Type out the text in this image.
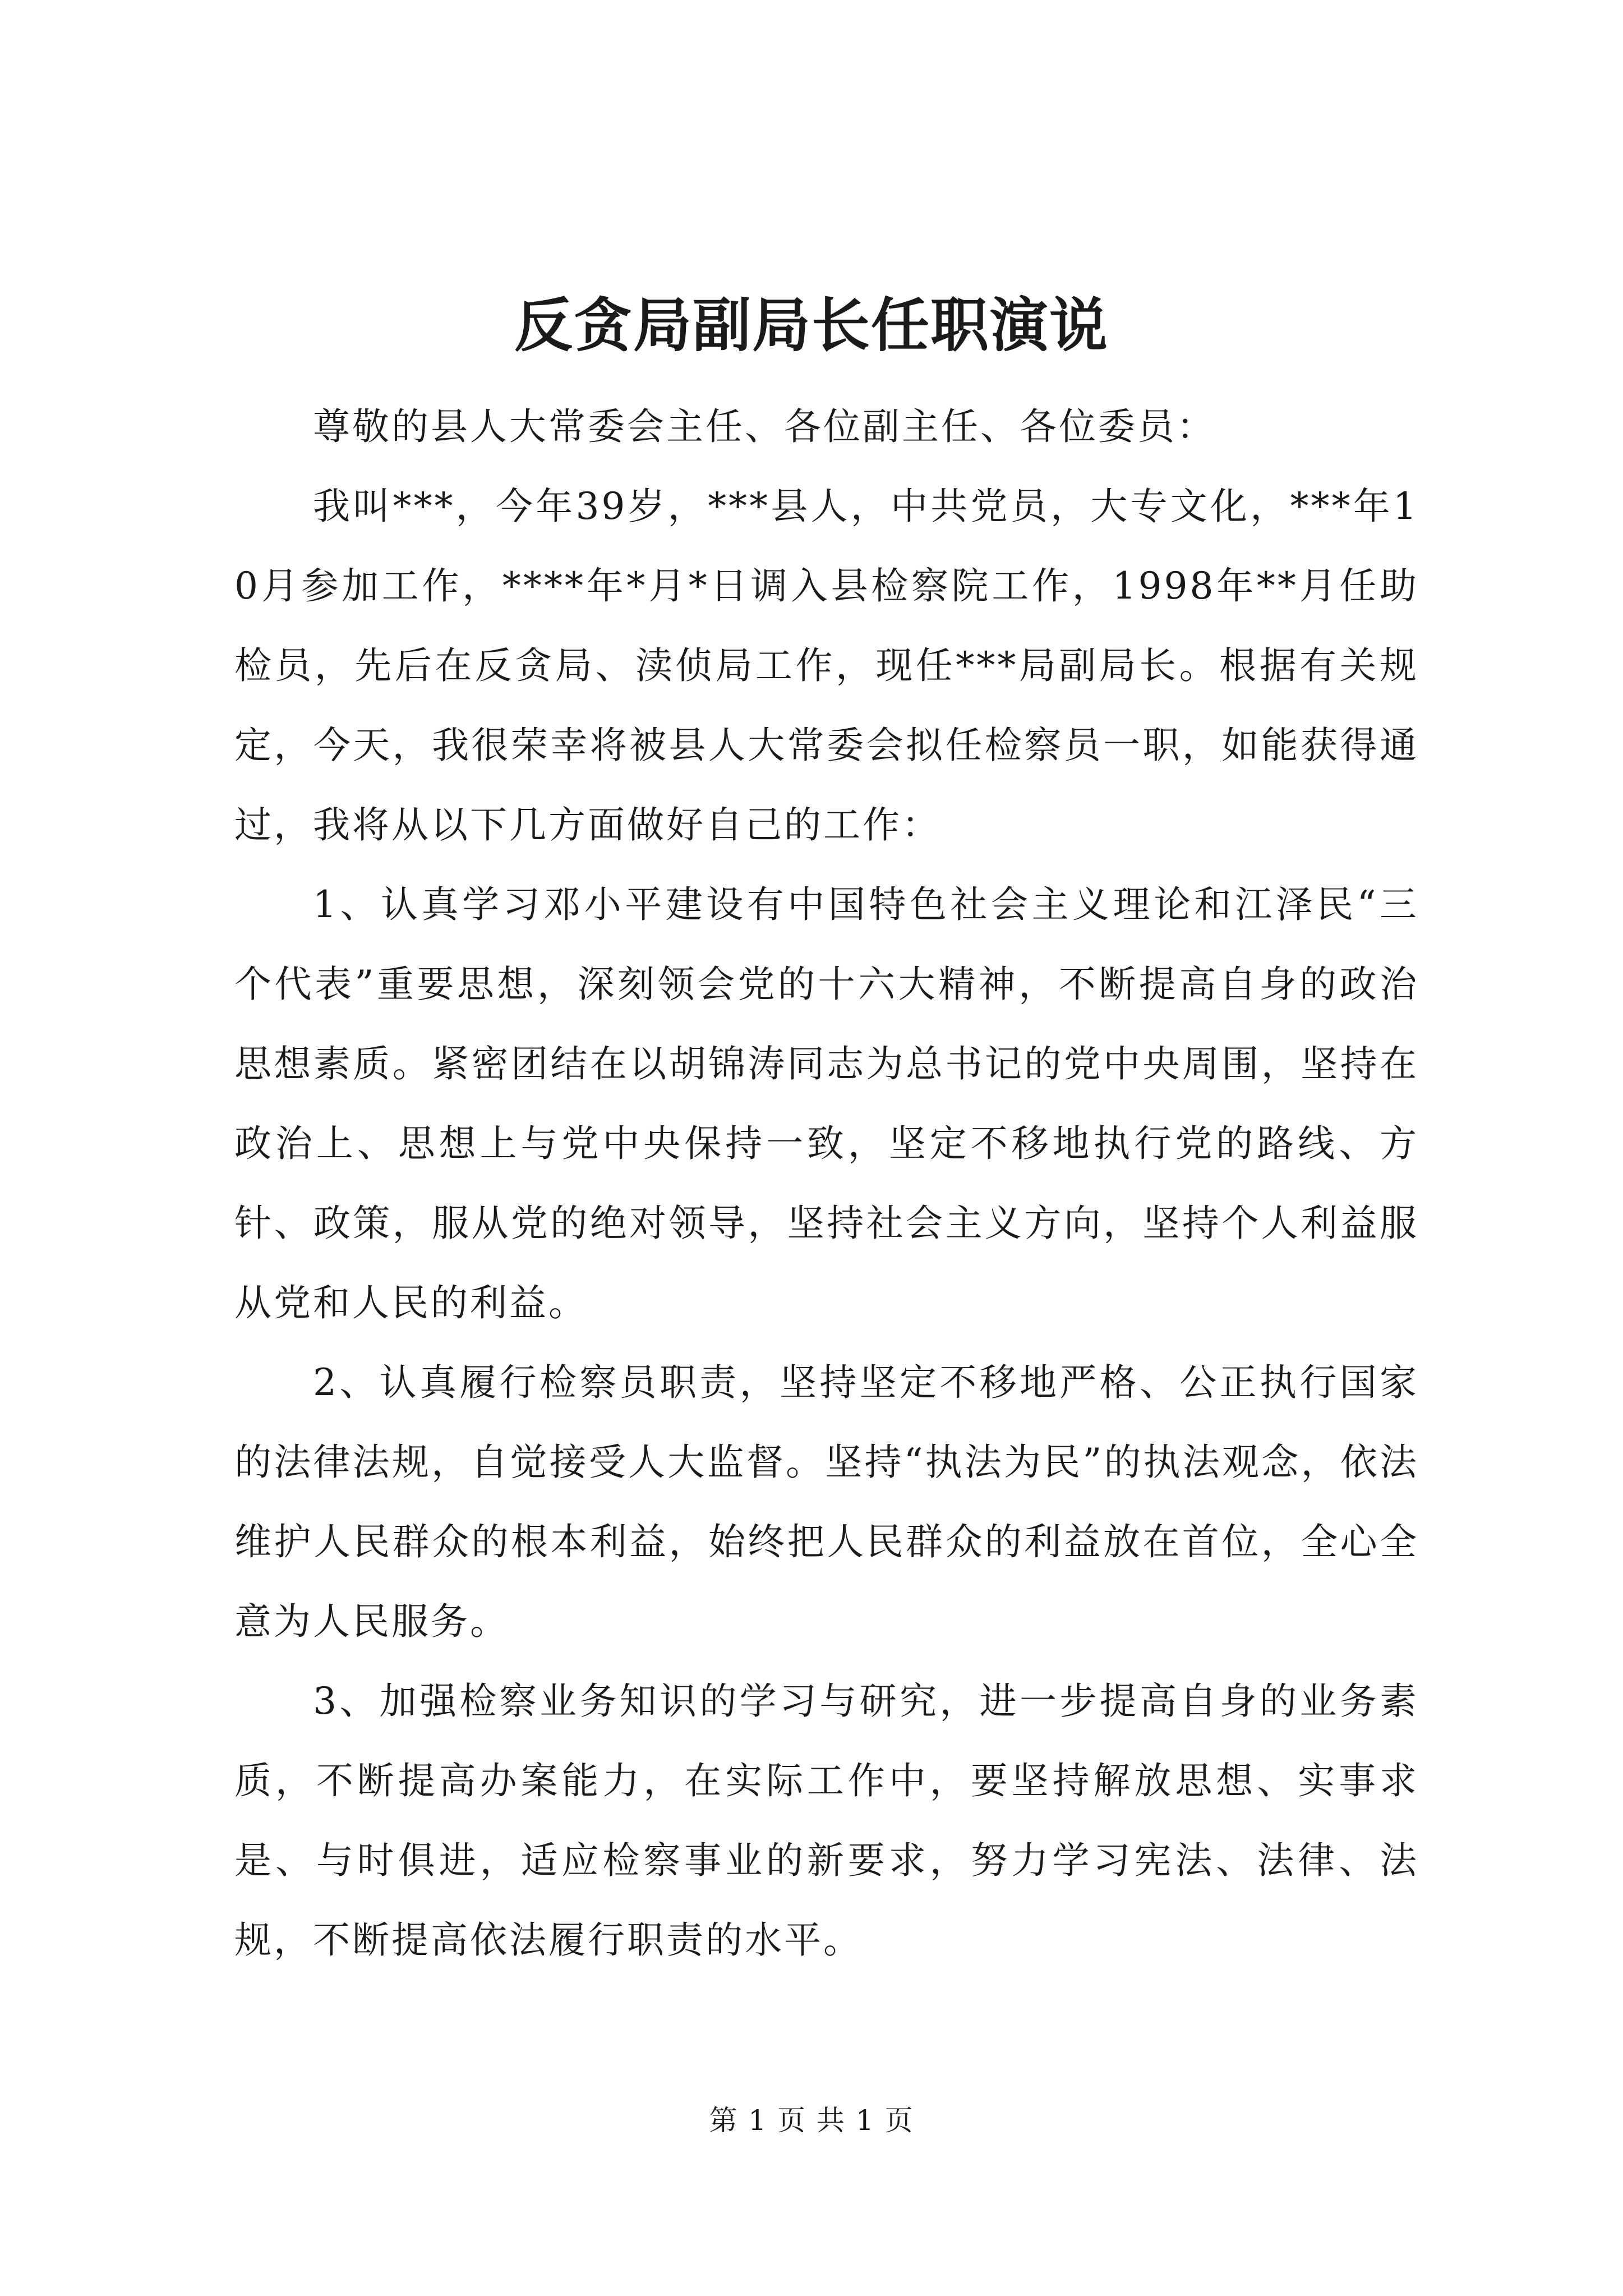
反贪局副局长任职演说

尊敬的县人大常委会主任、各位副主任、各位委员：

我叫***，今年39岁，***县人，中共党员，大专文化，***年10月参加工作，****年*月*日调入县检察院工作，1998年**月任助检员，先后在反贪局、渎侦局工作，现任***局副局长。根据有关规定，今天，我很荣幸将被县人大常委会拟任检察员一职，如能获得通过，我将从以下几方面做好自己的工作：

1、认真学习邓小平建设有中国特色社会主义理论和江泽民“三个代表”重要思想，深刻领会党的十六大精神，不断提高自身的政治思想素质。紧密团结在以胡锦涛同志为总书记的党中央周围，坚持在政治上、思想上与党中央保持一致，坚定不移地执行党的路线、方针、政策，服从党的绝对领导，坚持社会主义方向，坚持个人利益服从党和人民的利益。

2、认真履行检察员职责，坚持坚定不移地严格、公正执行国家的法律法规，自觉接受人大监督。坚持“执法为民”的执法观念，依法维护人民群众的根本利益，始终把人民群众的利益放在首位，全心全意为人民服务。

3、加强检察业务知识的学习与研究，进一步提高自身的业务素质，不断提高办案能力，在实际工作中，要坚持解放思想、实事求是、与时俱进，适应检察事业的新要求，努力学习宪法、法律、法规，不断提高依法履行职责的水平。

第 1 页 共 1 页
